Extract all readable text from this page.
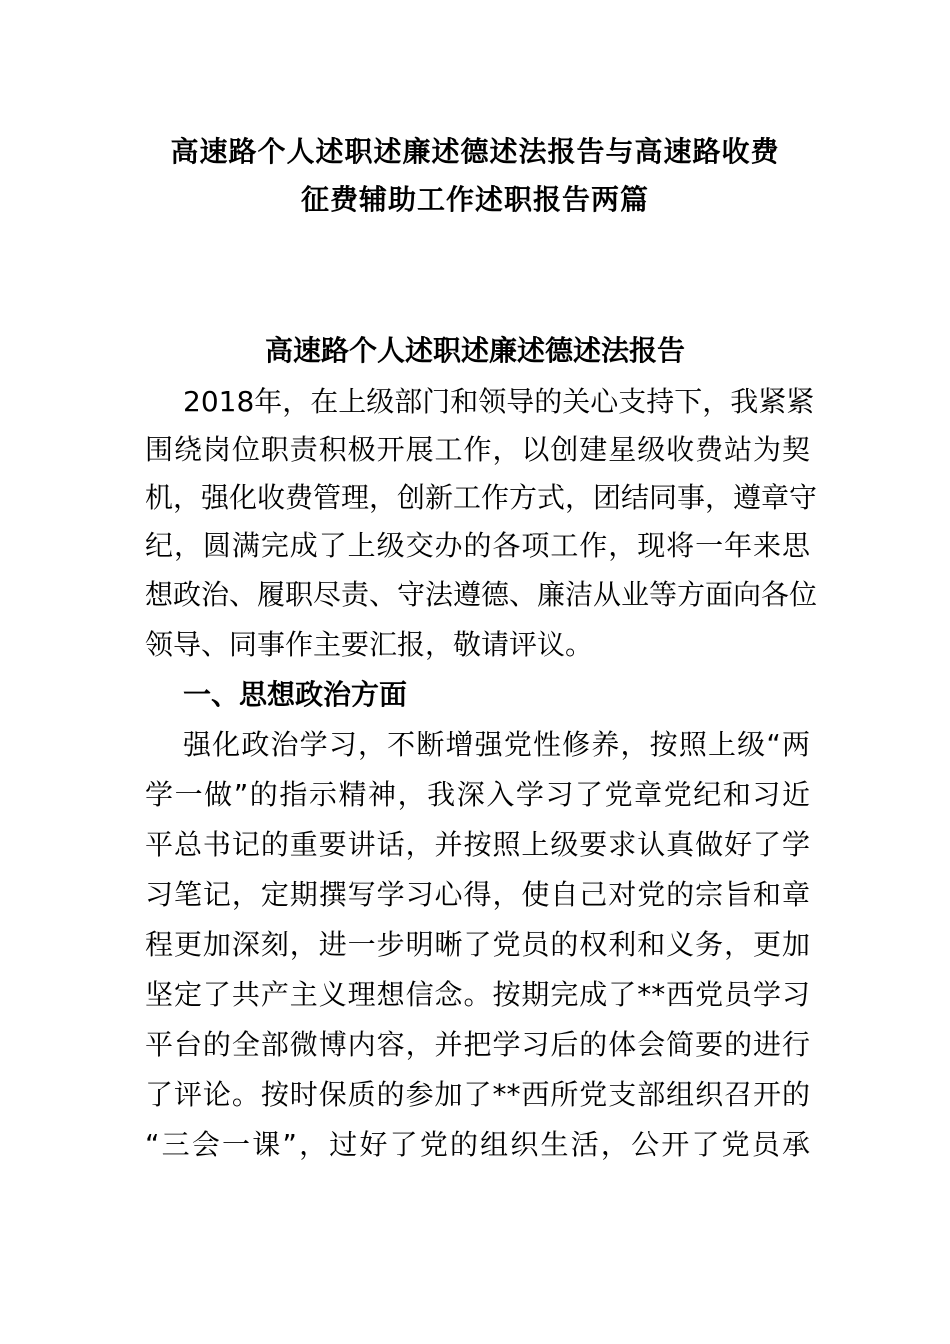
高速路个人述职述廉述德述法报告与高速路收费
征费辅助工作述职报告两篇
高速路个人述职述廉述德述法报告
2018年，在上级部门和领导的关心支持下，我紧紧
围绕岗位职责积极开展工作，以创建星级收费站为契
机，强化收费管理，创新工作方式，团结同事，遵章守
纪，圆满完成了上级交办的各项工作，现将一年来思
想政治、履职尽责、守法遵德、廉洁从业等方面向各位
领导、同事作主要汇报，敬请评议。
一、思想政治方面
强化政治学习，不断增强党性修养，按照上级“两
学一做”的指示精神，我深入学习了党章党纪和习近
平总书记的重要讲话，并按照上级要求认真做好了学
习笔记，定期撰写学习心得，使自己对党的宗旨和章
程更加深刻，进一步明晰了党员的权利和义务，更加
坚定了共产主义理想信念。按期完成了**西党员学习
平台的全部微博内容，并把学习后的体会简要的进行
了评论。按时保质的参加了**西所党支部组织召开的
“三会一课”，过好了党的组织生活，公开了党员承
